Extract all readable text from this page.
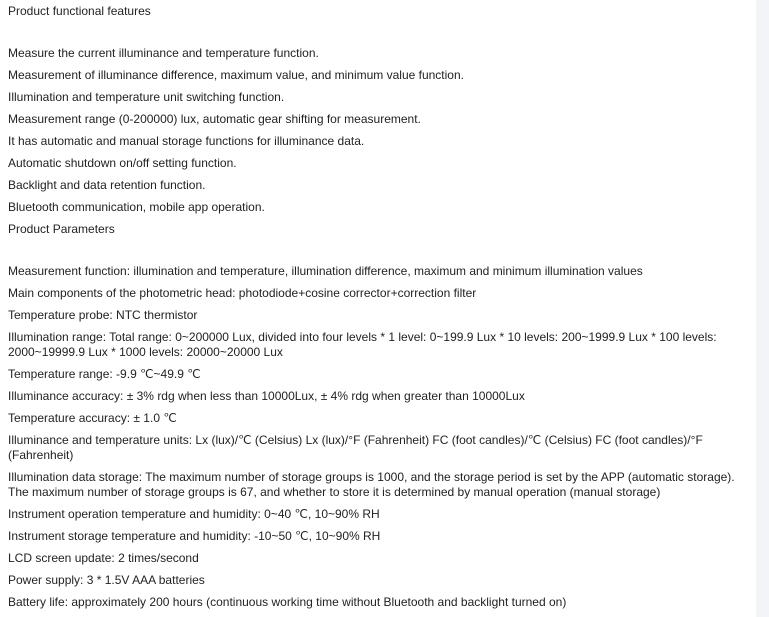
Product functional features

Measure the current illuminance and temperature function.

Measurement of illuminance difference, maximum value, and minimum value function.

Illumination and temperature unit switching function.

Measurement range (0-200000) lux, automatic gear shifting for measurement.

It has automatic and manual storage functions for illuminance data.

Automatic shutdown on/off setting function.

Backlight and data retention function.

Bluetooth communication, mobile app operation.

Product Parameters

Measurement function: illumination and temperature, illumination difference, maximum and minimum illumination values

Main components of the photometric head: photodiode+cosine corrector+correction filter

Temperature probe: NTC thermistor

Illumination range: Total range: 0~200000 Lux, divided into four levels * 1 level: 0~199.9 Lux * 10 levels: 200~1999.9 Lux * 100 levels: 2000~19999.9 Lux * 1000 levels: 20000~20000 Lux

Temperature range: -9.9 ℃~49.9 ℃

Illuminance accuracy: ± 3% rdg when less than 10000Lux, ± 4% rdg when greater than 10000Lux

Temperature accuracy: ± 1.0 ℃

Illuminance and temperature units: Lx (lux)/℃ (Celsius) Lx (lux)/°F (Fahrenheit) FC (foot candles)/℃ (Celsius) FC (foot candles)/°F (Fahrenheit)

Illumination data storage: The maximum number of storage groups is 1000, and the storage period is set by the APP (automatic storage). The maximum number of storage groups is 67, and whether to store it is determined by manual operation (manual storage)

Instrument operation temperature and humidity: 0~40 ℃, 10~90% RH

Instrument storage temperature and humidity: -10~50 ℃, 10~90% RH

LCD screen update: 2 times/second

Power supply: 3 * 1.5V AAA batteries

Battery life: approximately 200 hours (continuous working time without Bluetooth and backlight turned on)
